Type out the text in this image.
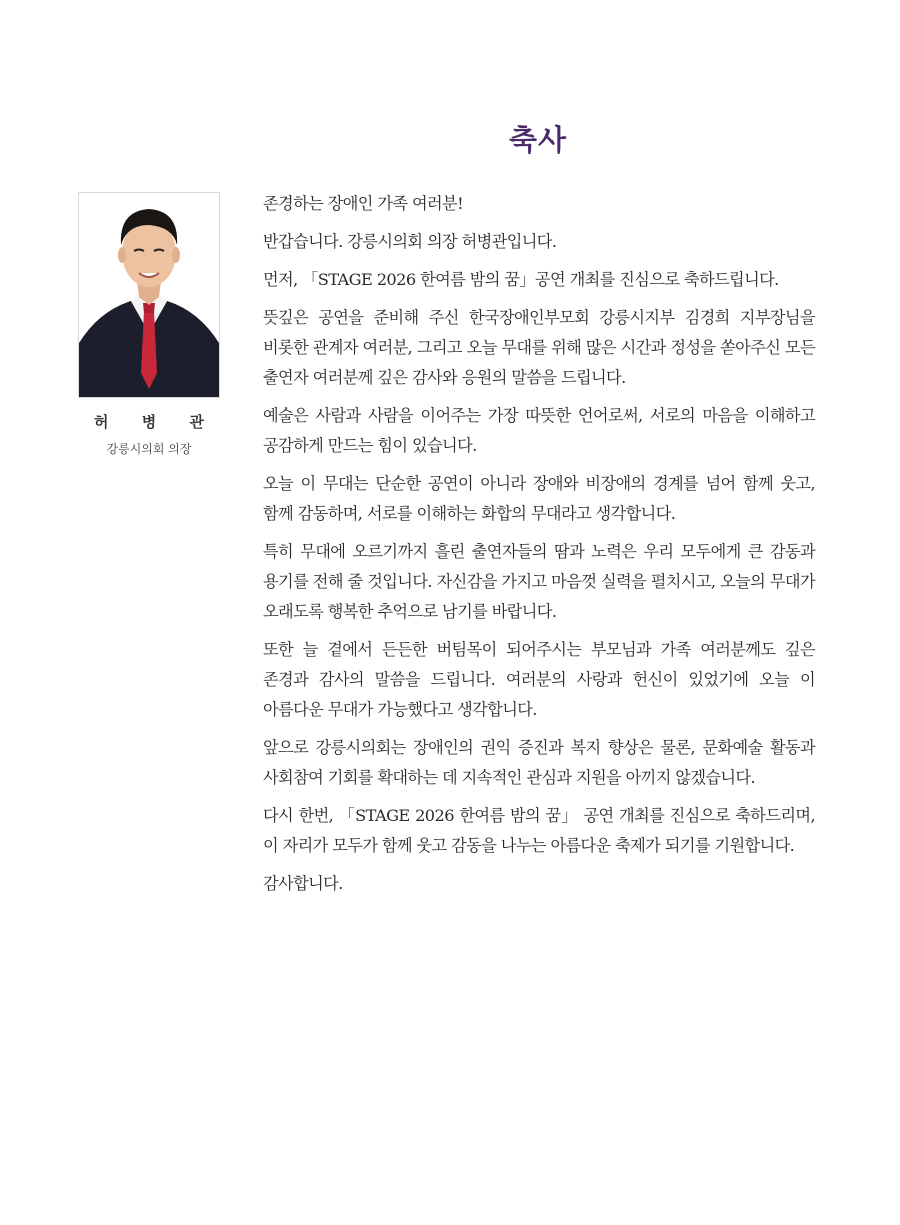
축사
허 병 관
강릉시의회 의장

존경하는 장애인 가족 여러분!

반갑습니다. 강릉시의회 의장 허병관입니다.

먼저, 「STAGE 2026 한여름 밤의 꿈」공연 개최를 진심으로 축하드립니다.

뜻깊은 공연을 준비해 주신 한국장애인부모회 강릉시지부 김경희 지부장님을 비롯한 관계자 여러분, 그리고 오늘 무대를 위해 많은 시간과 정성을 쏟아주신 모든 출연자 여러분께 깊은 감사와 응원의 말씀을 드립니다.

예술은 사람과 사람을 이어주는 가장 따뜻한 언어로써, 서로의 마음을 이해하고 공감하게 만드는 힘이 있습니다.

오늘 이 무대는 단순한 공연이 아니라 장애와 비장애의 경계를 넘어 함께 웃고, 함께 감동하며, 서로를 이해하는 화합의 무대라고 생각합니다.

특히 무대에 오르기까지 흘린 출연자들의 땀과 노력은 우리 모두에게 큰 감동과 용기를 전해 줄 것입니다. 자신감을 가지고 마음껏 실력을 펼치시고, 오늘의 무대가 오래도록 행복한 추억으로 남기를 바랍니다.

또한 늘 곁에서 든든한 버팀목이 되어주시는 부모님과 가족 여러분께도 깊은 존경과 감사의 말씀을 드립니다. 여러분의 사랑과 헌신이 있었기에 오늘 이 아름다운 무대가 가능했다고 생각합니다.

앞으로 강릉시의회는 장애인의 권익 증진과 복지 향상은 물론, 문화예술 활동과 사회참여 기회를 확대하는 데 지속적인 관심과 지원을 아끼지 않겠습니다.

다시 한번, 「STAGE 2026 한여름 밤의 꿈」 공연 개최를 진심으로 축하드리며, 이 자리가 모두가 함께 웃고 감동을 나누는 아름다운 축제가 되기를 기원합니다.

감사합니다.
